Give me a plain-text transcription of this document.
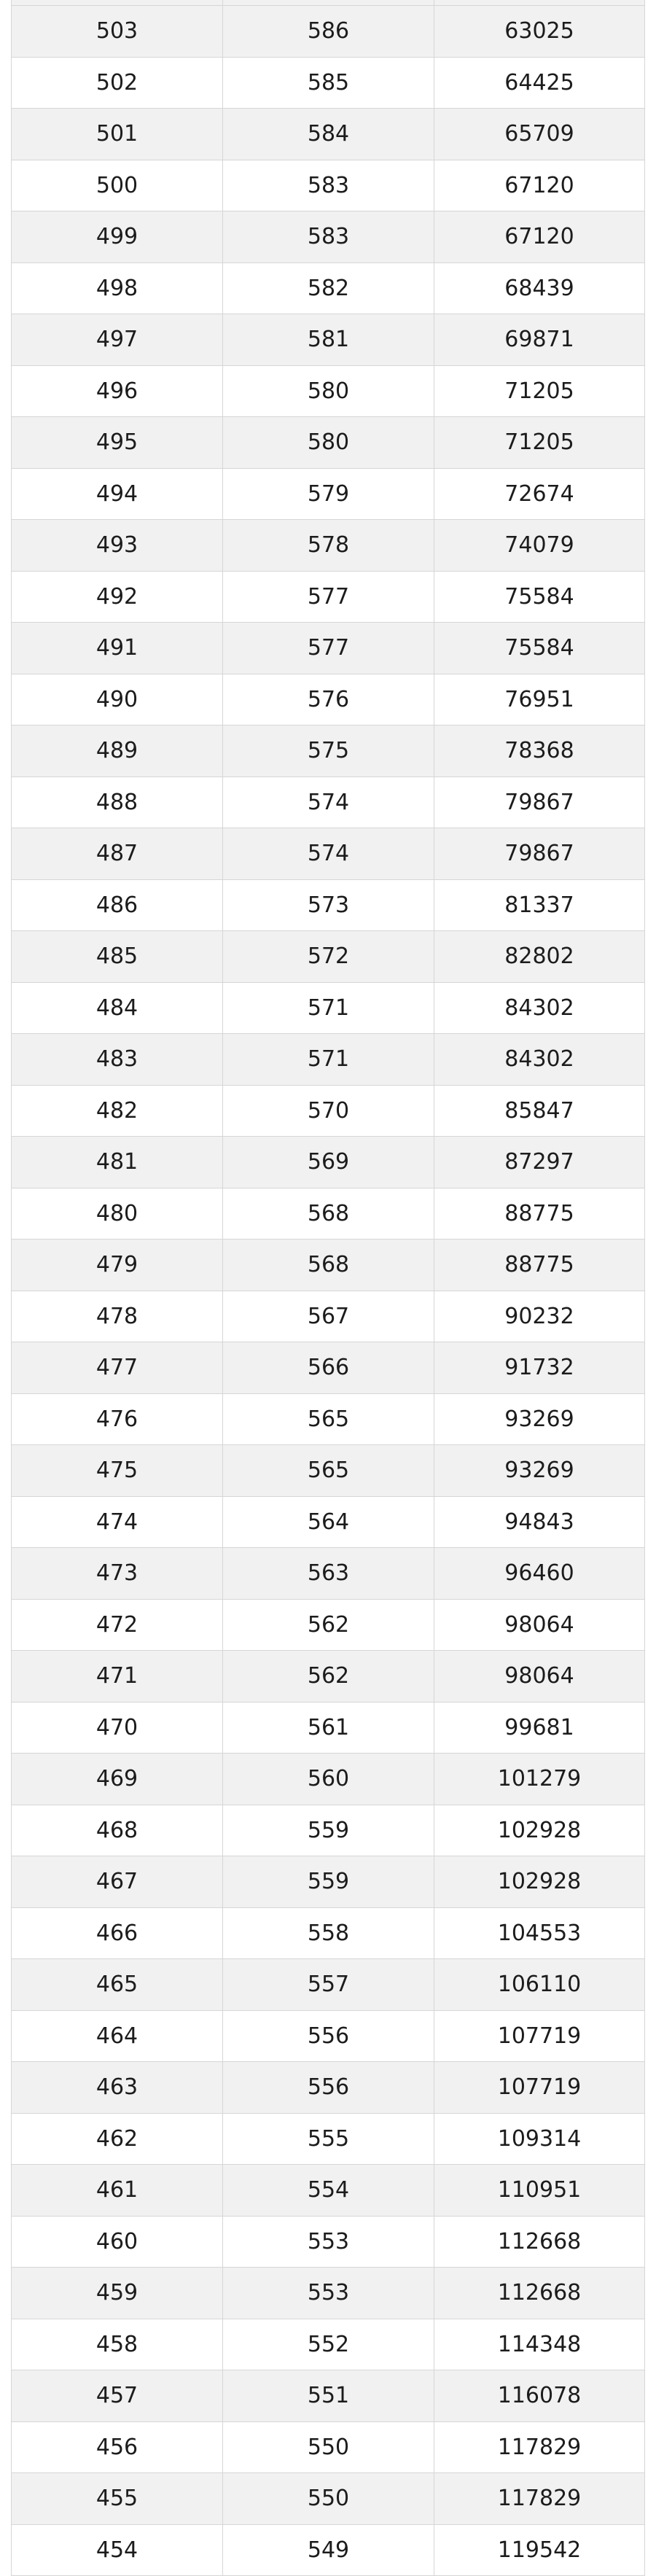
503	586	63025
502	585	64425
501	584	65709
500	583	67120
499	583	67120
498	582	68439
497	581	69871
496	580	71205
495	580	71205
494	579	72674
493	578	74079
492	577	75584
491	577	75584
490	576	76951
489	575	78368
488	574	79867
487	574	79867
486	573	81337
485	572	82802
484	571	84302
483	571	84302
482	570	85847
481	569	87297
480	568	88775
479	568	88775
478	567	90232
477	566	91732
476	565	93269
475	565	93269
474	564	94843
473	563	96460
472	562	98064
471	562	98064
470	561	99681
469	560	101279
468	559	102928
467	559	102928
466	558	104553
465	557	106110
464	556	107719
463	556	107719
462	555	109314
461	554	110951
460	553	112668
459	553	112668
458	552	114348
457	551	116078
456	550	117829
455	550	117829
454	549	119542
